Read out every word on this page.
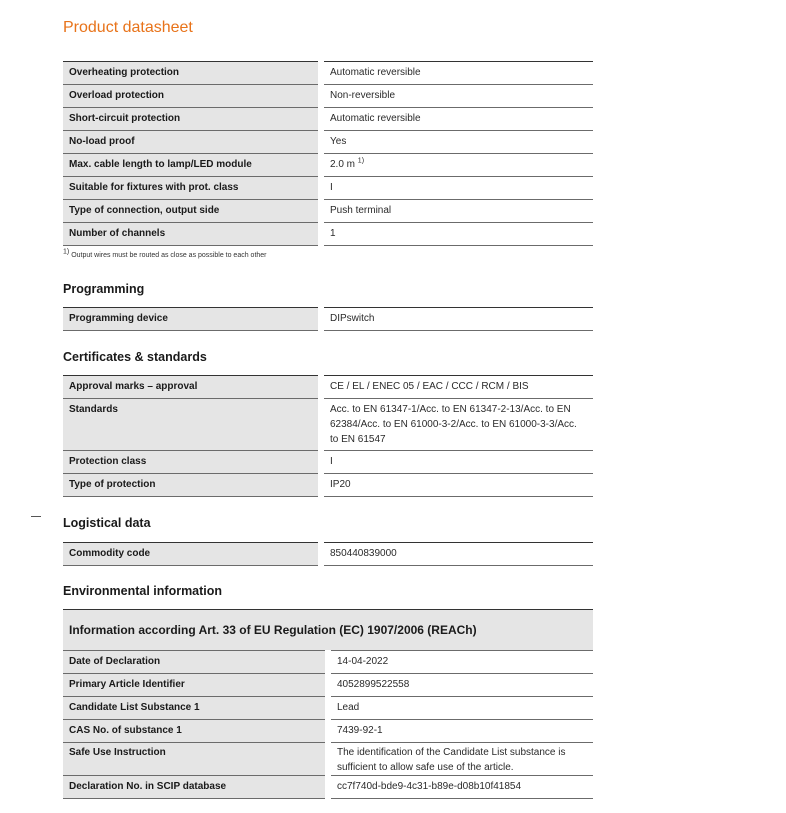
Product datasheet
Overheating protection	Automatic reversible
Overload protection	Non-reversible
Short-circuit protection	Automatic reversible
No-load proof	Yes
Max. cable length to lamp/LED module	2.0 m $^{1)}$
Suitable for fixtures with prot. class	I
Type of connection, output side	Push terminal
Number of channels	1
$^{1)}$ Output wires must be routed as close as possible to each other
Programming
Programming device	DIPswitch
Certificates & standards
Approval marks – approval	CE / EL / ENEC 05 / EAC / CCC / RCM / BIS
Standards	Acc. to EN 61347-1/Acc. to EN 61347-2-13/Acc. to EN 62384/Acc. to EN 61000-3-2/Acc. to EN 61000-3-3/Acc. to EN 61547
Protection class	I
Type of protection	IP20
Logistical data
Commodity code	850440839000
Environmental information
Information according Art. 33 of EU Regulation (EC) 1907/2006 (REACh)	
Date of Declaration	14-04-2022
Primary Article Identifier	4052899522558
Candidate List Substance 1	Lead
CAS No. of substance 1	7439-92-1
Safe Use Instruction	The identification of the Candidate List substance is sufficient to allow safe use of the article.
Declaration No. in SCIP database	cc7f740d-bde9-4c31-b89e-d08b10f41854
